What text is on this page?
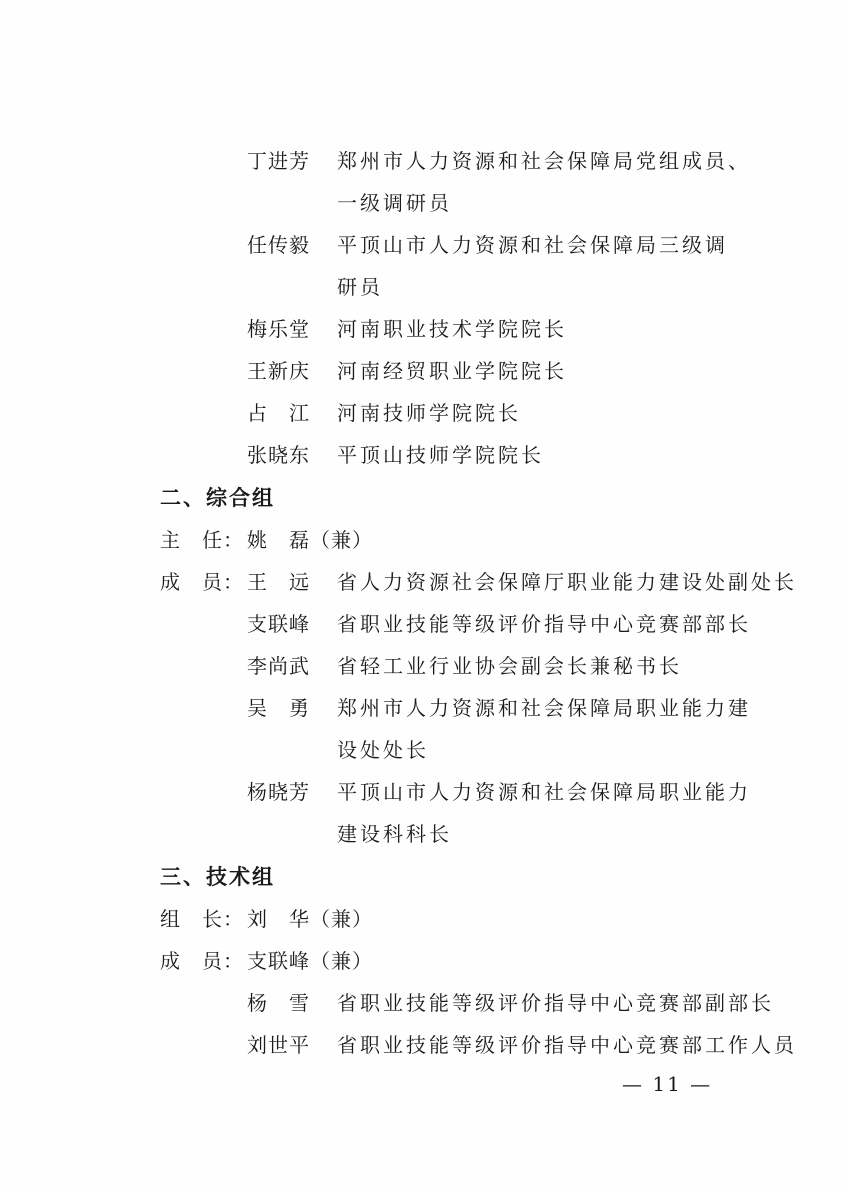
丁进芳	郑州市人力资源和社会保障局党组成员、
一级调研员
任传毅	平顶山市人力资源和社会保障局三级调
研员
梅乐堂	河南职业技术学院院长
王新庆	河南经贸职业学院院长
占　江	河南技师学院院长
张晓东	平顶山技师学院院长
二、综合组
主　任： 姚　磊（兼）
成　员： 王　远	省人力资源社会保障厅职业能力建设处副处长
支联峰	省职业技能等级评价指导中心竞赛部部长
李尚武	省轻工业行业协会副会长兼秘书长
吴　勇	郑州市人力资源和社会保障局职业能力建
设处处长
杨晓芳	平顶山市人力资源和社会保障局职业能力
建设科科长
三、技术组
组　长： 刘　华（兼）
成　员： 支联峰（兼）
杨　雪	省职业技能等级评价指导中心竞赛部副部长
刘世平	省职业技能等级评价指导中心竞赛部工作人员
— 11 —
